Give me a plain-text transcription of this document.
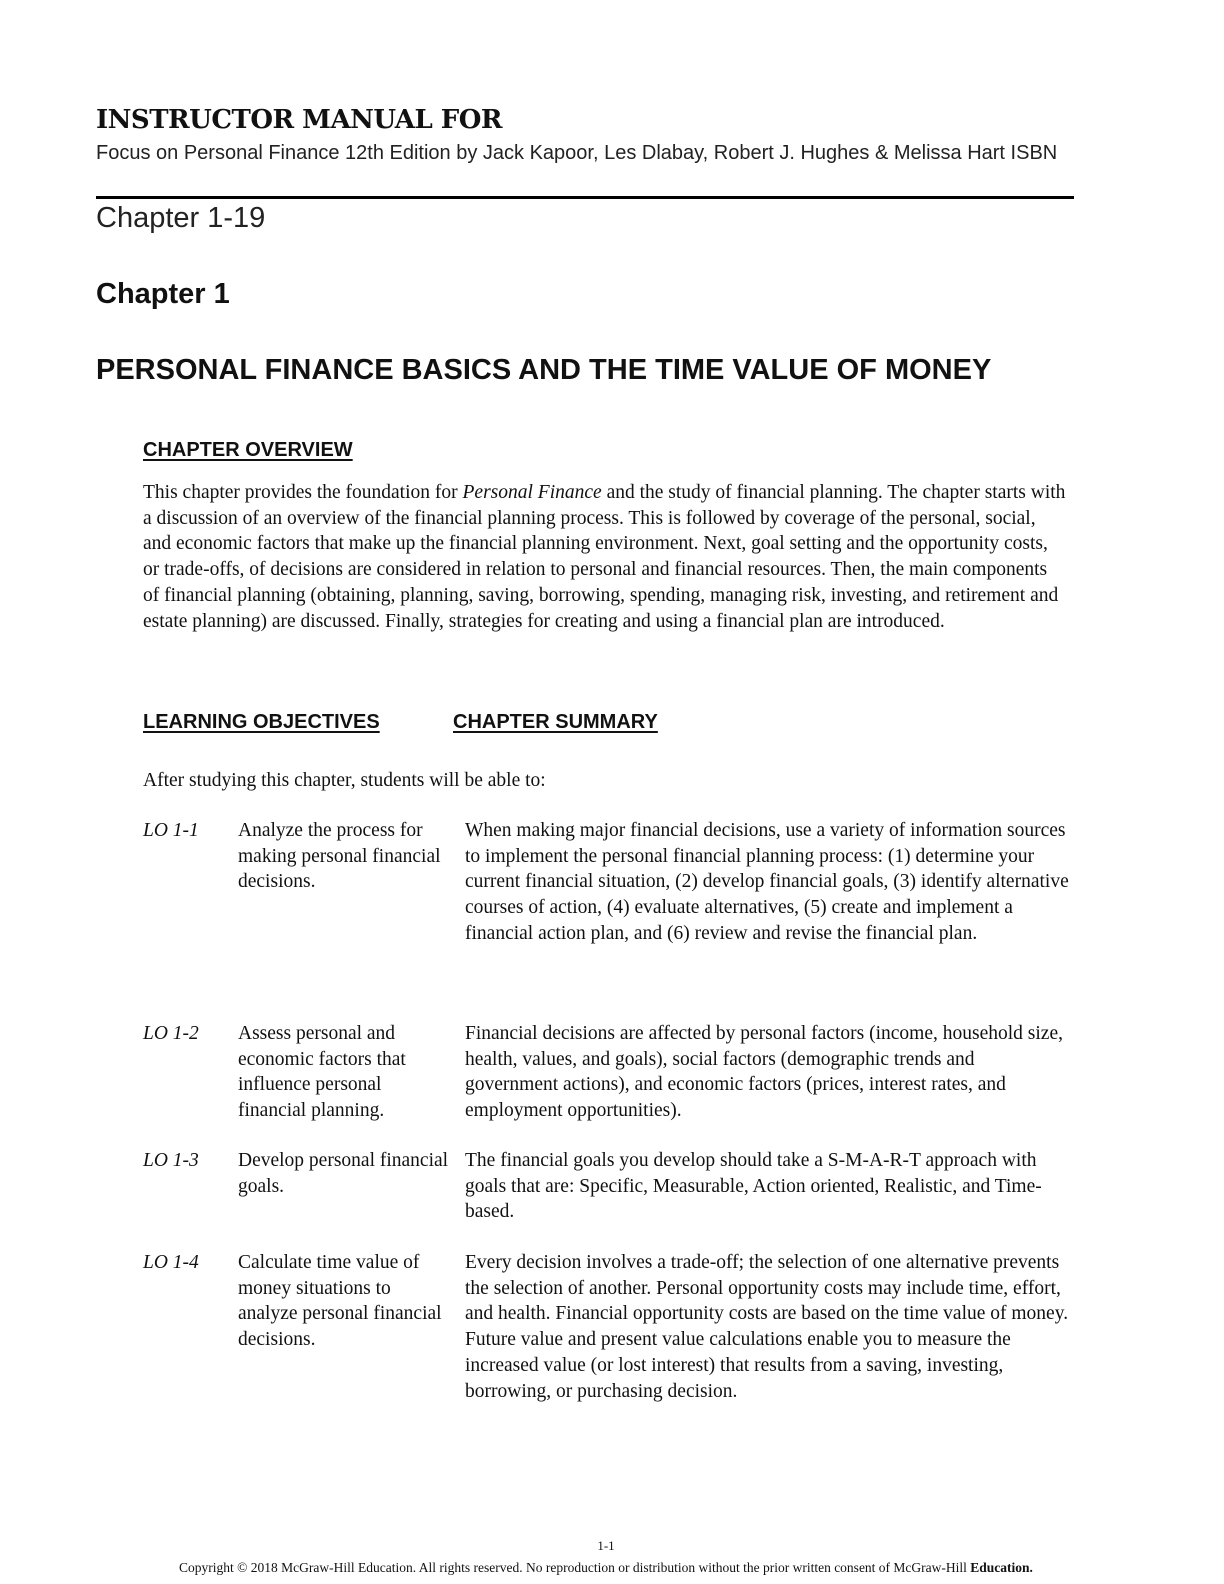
INSTRUCTOR MANUAL FOR
Focus on Personal Finance 12th Edition by Jack Kapoor, Les Dlabay, Robert J. Hughes & Melissa Hart ISBN
Chapter 1-19
Chapter 1
PERSONAL FINANCE BASICS AND THE TIME VALUE OF MONEY
CHAPTER OVERVIEW

This chapter provides the foundation for Personal Finance and the study of financial planning. The chapter starts with a discussion of an overview of the financial planning process. This is followed by coverage of the personal, social, and economic factors that make up the financial planning environment. Next, goal setting and the opportunity costs, or trade-offs, of decisions are considered in relation to personal and financial resources. Then, the main components of financial planning (obtaining, planning, saving, borrowing, spending, managing risk, investing, and retirement and estate planning) are discussed. Finally, strategies for creating and using a financial plan are introduced.

LEARNING OBJECTIVES	CHAPTER SUMMARY
After studying this chapter, students will be able to:
LO 1-1 Analyze the process for making personal financial decisions.
When making major financial decisions, use a variety of information sources to implement the personal financial planning process: (1) determine your current financial situation, (2) develop financial goals, (3) identify alternative courses of action, (4) evaluate alternatives, (5) create and implement a financial action plan, and (6) review and revise the financial plan.
LO 1-2 Assess personal and economic factors that influence personal financial planning.
Financial decisions are affected by personal factors (income, household size, health, values, and goals), social factors (demographic trends and government actions), and economic factors (prices, interest rates, and employment opportunities).
LO 1-3 Develop personal financial goals.
The financial goals you develop should take a S-M-A-R-T approach with goals that are: Specific, Measurable, Action oriented, Realistic, and Time-based.
LO 1-4 Calculate time value of money situations to analyze personal financial decisions.
Every decision involves a trade-off; the selection of one alternative prevents the selection of another. Personal opportunity costs may include time, effort, and health. Financial opportunity costs are based on the time value of money. Future value and present value calculations enable you to measure the increased value (or lost interest) that results from a saving, investing, borrowing, or purchasing decision.
1-1
Copyright © 2018 McGraw-Hill Education. All rights reserved. No reproduction or distribution without the prior written consent of McGraw-Hill Education.
